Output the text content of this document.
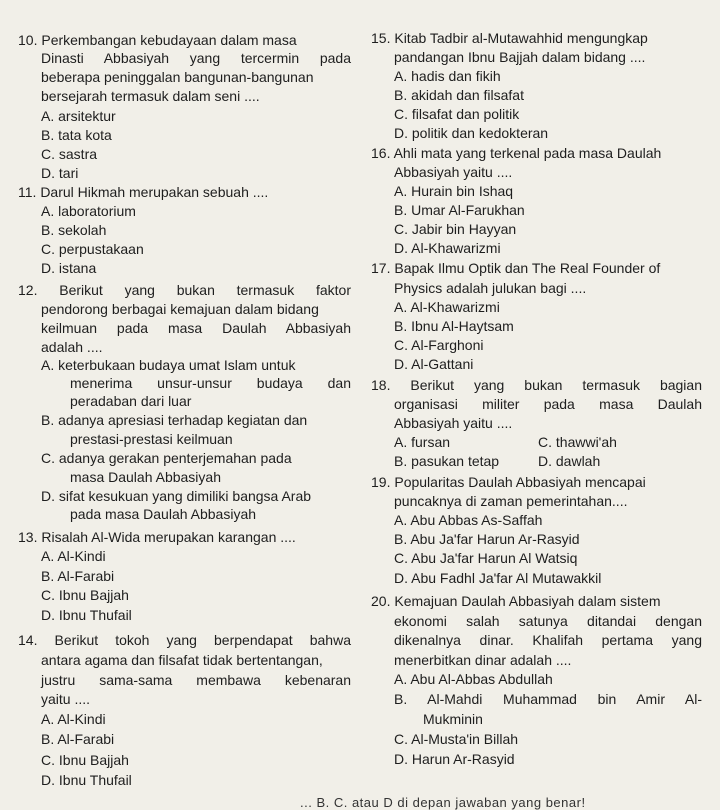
10. Perkembangan kebudayaan dalam masa
Dinasti Abbasiyah yang tercermin pada
beberapa peninggalan bangunan-bangunan
bersejarah termasuk dalam seni ....
A. arsitektur
B. tata kota
C. sastra
D. tari
11. Darul Hikmah merupakan sebuah ....
A. laboratorium
B. sekolah
C. perpustakaan
D. istana
12. Berikut yang bukan termasuk faktor
pendorong berbagai kemajuan dalam bidang
keilmuan pada masa Daulah Abbasiyah
adalah ....
A. keterbukaan budaya umat Islam untuk
menerima unsur-unsur budaya dan
peradaban dari luar
B. adanya apresiasi terhadap kegiatan dan
prestasi-prestasi keilmuan
C. adanya gerakan penterjemahan pada
masa Daulah Abbasiyah
D. sifat kesukuan yang dimiliki bangsa Arab
pada masa Daulah Abbasiyah
13. Risalah Al-Wida merupakan karangan ....
A. Al-Kindi
B. Al-Farabi
C. Ibnu Bajjah
D. Ibnu Thufail
14. Berikut tokoh yang berpendapat bahwa
antara agama dan filsafat tidak bertentangan,
justru sama-sama membawa kebenaran
yaitu ....
A. Al-Kindi
B. Al-Farabi
C. Ibnu Bajjah
D. Ibnu Thufail
15. Kitab Tadbir al-Mutawahhid mengungkap
pandangan Ibnu Bajjah dalam bidang ....
A. hadis dan fikih
B. akidah dan filsafat
C. filsafat dan politik
D. politik dan kedokteran
16. Ahli mata yang terkenal pada masa Daulah
Abbasiyah yaitu ....
A. Hurain bin Ishaq
B. Umar Al-Farukhan
C. Jabir bin Hayyan
D. Al-Khawarizmi
17. Bapak Ilmu Optik dan The Real Founder of
Physics adalah julukan bagi ....
A. Al-Khawarizmi
B. Ibnu Al-Haytsam
C. Al-Farghoni
D. Al-Gattani
18. Berikut yang bukan termasuk bagian
organisasi militer pada masa Daulah
Abbasiyah yaitu ....
A. fursan	C. thawwi'ah
B. pasukan tetap	D. dawlah
19. Popularitas Daulah Abbasiyah mencapai
puncaknya di zaman pemerintahan....
A. Abu Abbas As-Saffah
B. Abu Ja'far Harun Ar-Rasyid
C. Abu Ja'far Harun Al Watsiq
D. Abu Fadhl Ja'far Al Mutawakkil
20. Kemajuan Daulah Abbasiyah dalam sistem
ekonomi salah satunya ditandai dengan
dikenalnya dinar. Khalifah pertama yang
menerbitkan dinar adalah ....
A. Abu Al-Abbas Abdullah
B. Al-Mahdi Muhammad bin Amir Al-
Mukminin
C. Al-Musta'in Billah
D. Harun Ar-Rasyid
... B. C. atau D di depan jawaban yang benar!
